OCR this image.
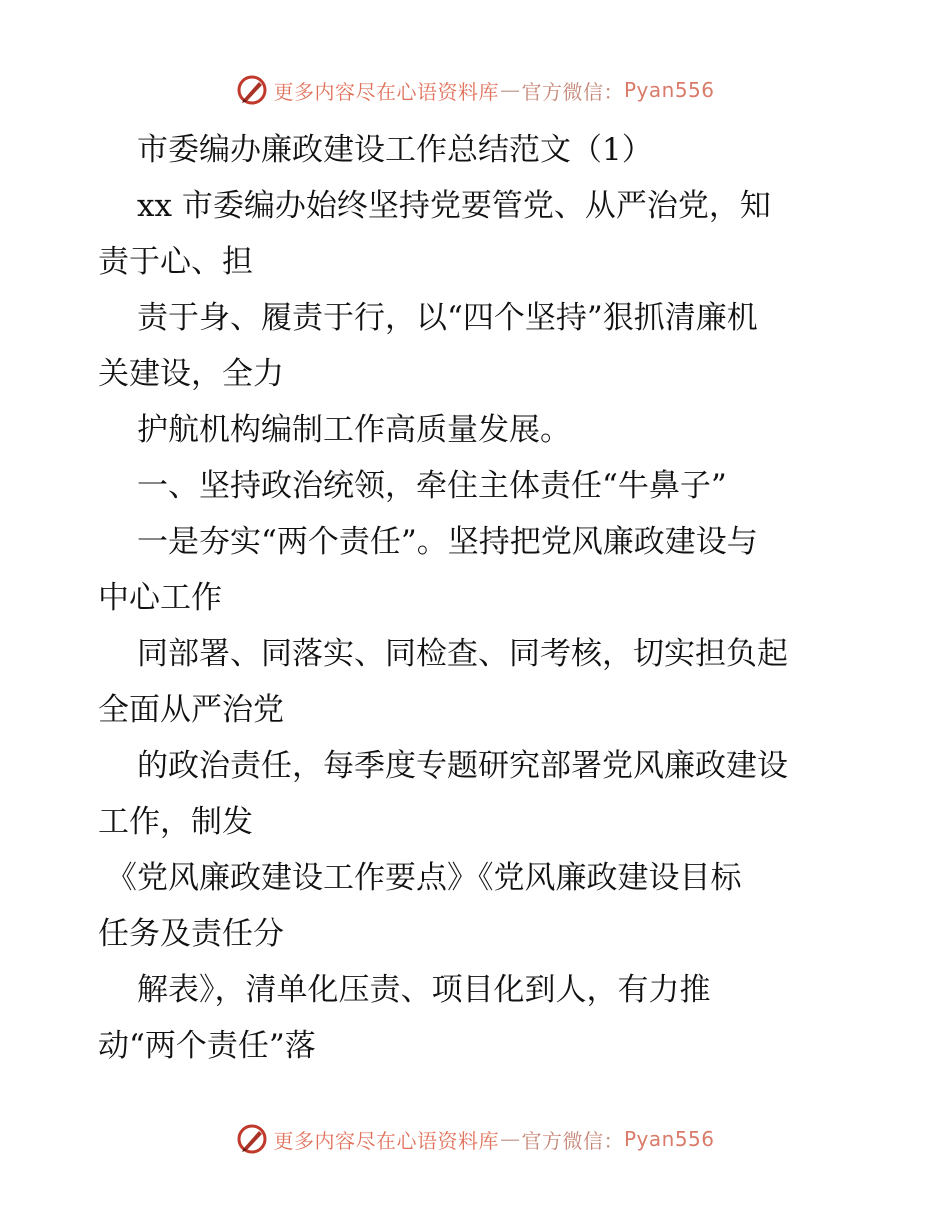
更多内容尽在心语资料库 — 官方微信： Pyan556
市委编办廉政建设工作总结范文（1）
xx 市委编办始终坚持党要管党、从严治党，知
责于心、担
责于身、履责于行，以“四个坚持”狠抓清廉机
关建设，全力
护航机构编制工作高质量发展。
一、坚持政治统领，牵住主体责任“牛鼻子”
一是夯实“两个责任”。坚持把党风廉政建设与
中心工作
同部署、同落实、同检查、同考核，切实担负起
全面从严治党
的政治责任，每季度专题研究部署党风廉政建设
工作，制发
《党风廉政建设工作要点》《党风廉政建设目标
任务及责任分
解表》，清单化压责、项目化到人，有力推
动“两个责任”落
更多内容尽在心语资料库 — 官方微信： Pyan556
